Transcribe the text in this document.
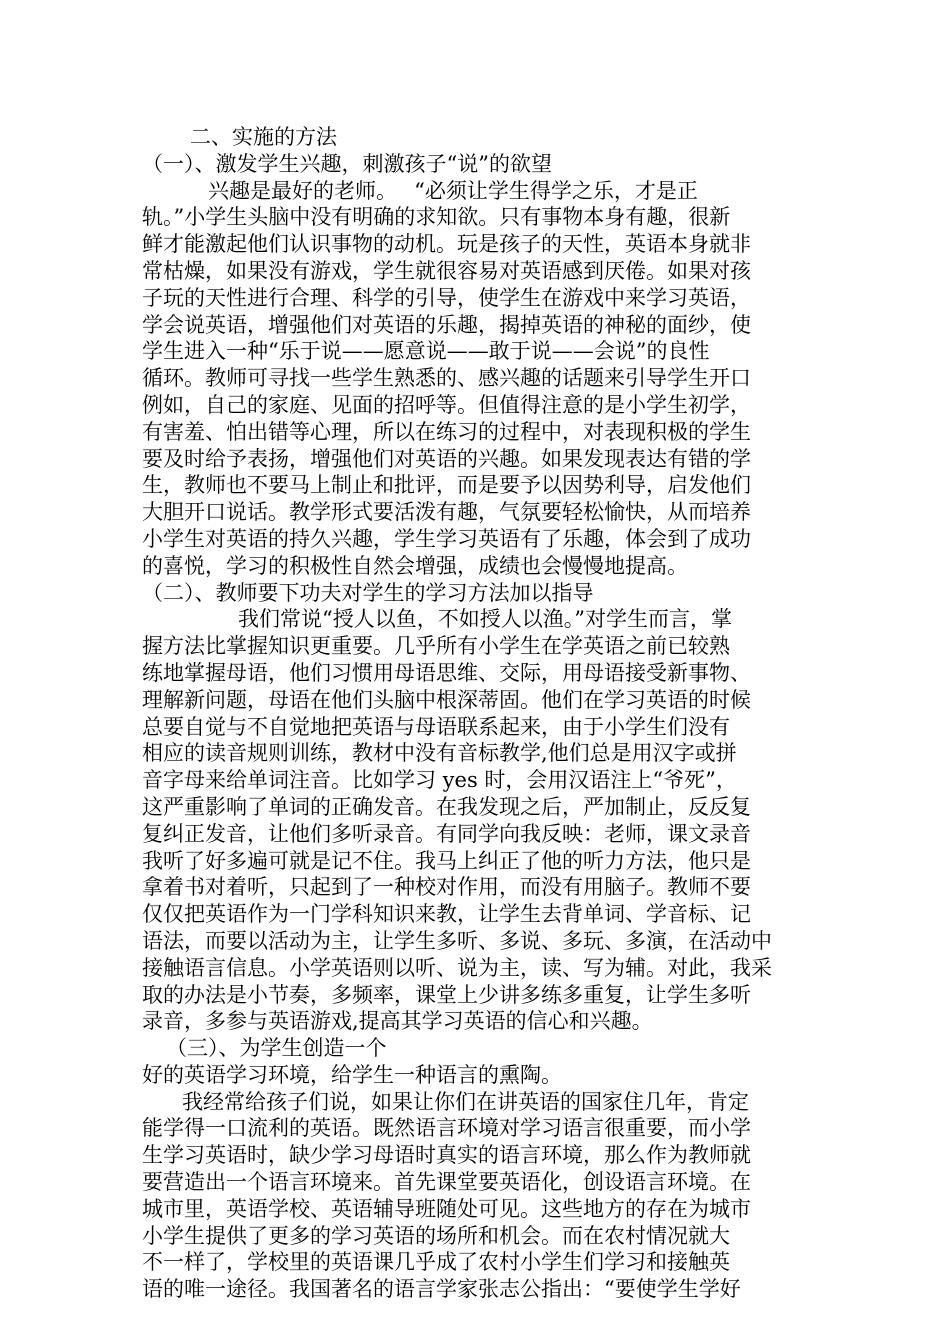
二、实施的方法
（一）、激发学生兴趣，刺激孩子“说”的欲望
兴趣是最好的老师。　 “必须让学生得学之乐，才是正
轨。”小学生头脑中没有明确的求知欲。只有事物本身有趣，很新
鲜才能激起他们认识事物的动机。玩是孩子的天性，英语本身就非
常枯燥，如果没有游戏，学生就很容易对英语感到厌倦。如果对孩
子玩的天性进行合理、科学的引导，使学生在游戏中来学习英语，
学会说英语，增强他们对英语的乐趣，揭掉英语的神秘的面纱，使
学生进入一种“乐于说——愿意说——敢于说——会说”的良性
循环。教师可寻找一些学生熟悉的、感兴趣的话题来引导学生开口
例如，自己的家庭、见面的招呼等。但值得注意的是小学生初学，
有害羞、怕出错等心理，所以在练习的过程中，对表现积极的学生
要及时给予表扬，增强他们对英语的兴趣。如果发现表达有错的学
生，教师也不要马上制止和批评，而是要予以因势利导，启发他们
大胆开口说话。教学形式要活泼有趣，气氛要轻松愉快，从而培养
小学生对英语的持久兴趣，学生学习英语有了乐趣，体会到了成功
的喜悦，学习的积极性自然会增强，成绩也会慢慢地提高。
（二）、教师要下功夫对学生的学习方法加以指导
我们常说“授人以鱼，不如授人以渔。”对学生而言，掌
握方法比掌握知识更重要。几乎所有小学生在学英语之前已较熟
练地掌握母语，他们习惯用母语思维、交际，用母语接受新事物、
理解新问题，母语在他们头脑中根深蒂固。他们在学习英语的时候
总要自觉与不自觉地把英语与母语联系起来，由于小学生们没有
相应的读音规则训练，教材中没有音标教学,他们总是用汉字或拼
音字母来给单词注音。比如学习 yes 时，会用汉语注上“爷死”，
这严重影响了单词的正确发音。在我发现之后，严加制止，反反复
复纠正发音，让他们多听录音。有同学向我反映：老师，课文录音
我听了好多遍可就是记不住。我马上纠正了他的听力方法，他只是
拿着书对着听，只起到了一种校对作用，而没有用脑子。教师不要
仅仅把英语作为一门学科知识来教，让学生去背单词、学音标、记
语法，而要以活动为主，让学生多听、多说、多玩、多演，在活动中
接触语言信息。小学英语则以听、说为主，读、写为辅。对此，我采
取的办法是小节奏，多频率，课堂上少讲多练多重复，让学生多听
录音，多参与英语游戏,提高其学习英语的信心和兴趣。
（三）、为学生创造一个
好的英语学习环境，给学生一种语言的熏陶。
我经常给孩子们说，如果让你们在讲英语的国家住几年，肯定
能学得一口流利的英语。既然语言环境对学习语言很重要，而小学
生学习英语时，缺少学习母语时真实的语言环境，那么作为教师就
要营造出一个语言环境来。首先课堂要英语化，创设语言环境。在
城市里，英语学校、英语辅导班随处可见。这些地方的存在为城市
小学生提供了更多的学习英语的场所和机会。而在农村情况就大
不一样了，学校里的英语课几乎成了农村小学生们学习和接触英
语的唯一途径。我国著名的语言学家张志公指出：“要使学生学好
